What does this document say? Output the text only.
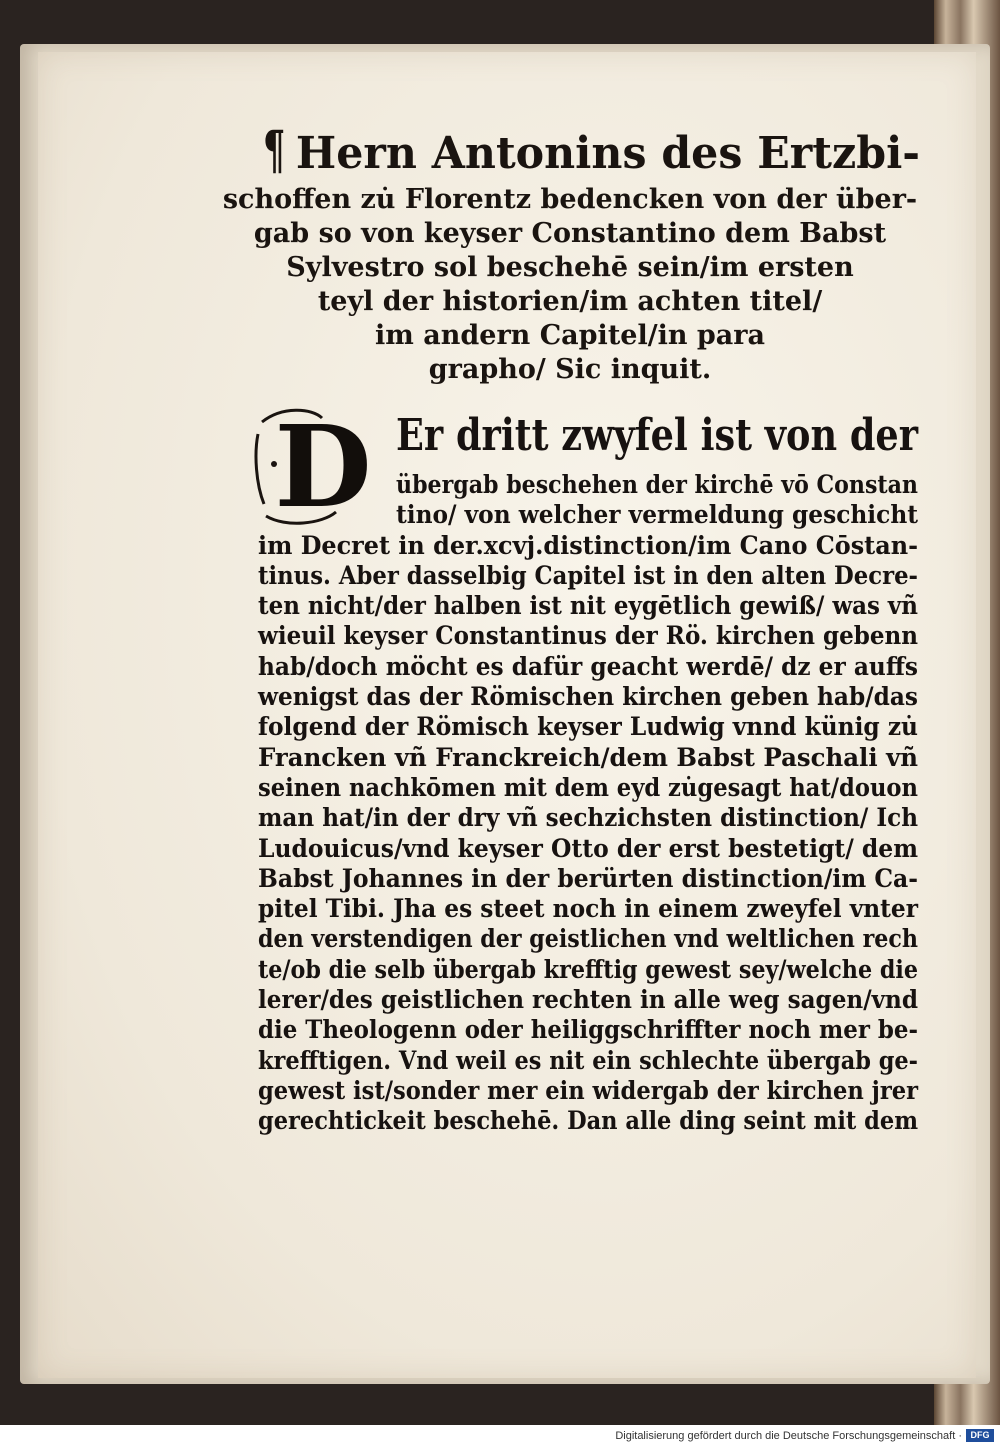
¶ Hern Antonins des Ertzbi-
schoffen zu̇ Florentz bedencken von der über-
gab so von keyser Constantino dem Babst
Sylvestro sol beschehē sein/im ersten
teyl der historien/im achten titel/
im andern Capitel/in para
grapho/ Sic inquit.
D Er dritt zwyfel ist von der
übergab beschehen der kirchē vō Constan
tino/ von welcher vermeldung geschicht
im Decret in der.xcvj.distinction/im Cano Cōstan-
tinus. Aber dasselbig Capitel ist in den alten Decre-
ten nicht/der halben ist nit eygētlich gewiß/ was vñ
wieuil keyser Constantinus der Rö. kirchen gebenn
hab/doch möcht es dafür geacht werdē/ dz er auffs
wenigst das der Römischen kirchen geben hab/das
folgend der Römisch keyser Ludwig vnnd künig zu̇
Francken vñ Franckreich/dem Babst Paschali vñ
seinen nachkōmen mit dem eyd zu̇gesagt hat/douon
man hat/in der dry vñ sechzichsten distinction/ Ich
Ludouicus/vnd keyser Otto der erst bestetigt/ dem
Babst Johannes in der berürten distinction/im Ca-
pitel Tibi. Jha es steet noch in einem zweyfel vnter
den verstendigen der geistlichen vnd weltlichen rech
te/ob die selb übergab krefftig gewest sey/welche die
lerer/des geistlichen rechten in alle weg sagen/vnd
die Theologenn oder heiliggschriffter noch mer be-
krefftigen. Vnd weil es nit ein schlechte übergab ge-
gewest ist/sonder mer ein widergab der kirchen jrer
gerechtickeit beschehē. Dan alle ding seint mit dem
Digitalisierung gefördert durch die Deutsche Forschungsgemeinschaft · DFG
